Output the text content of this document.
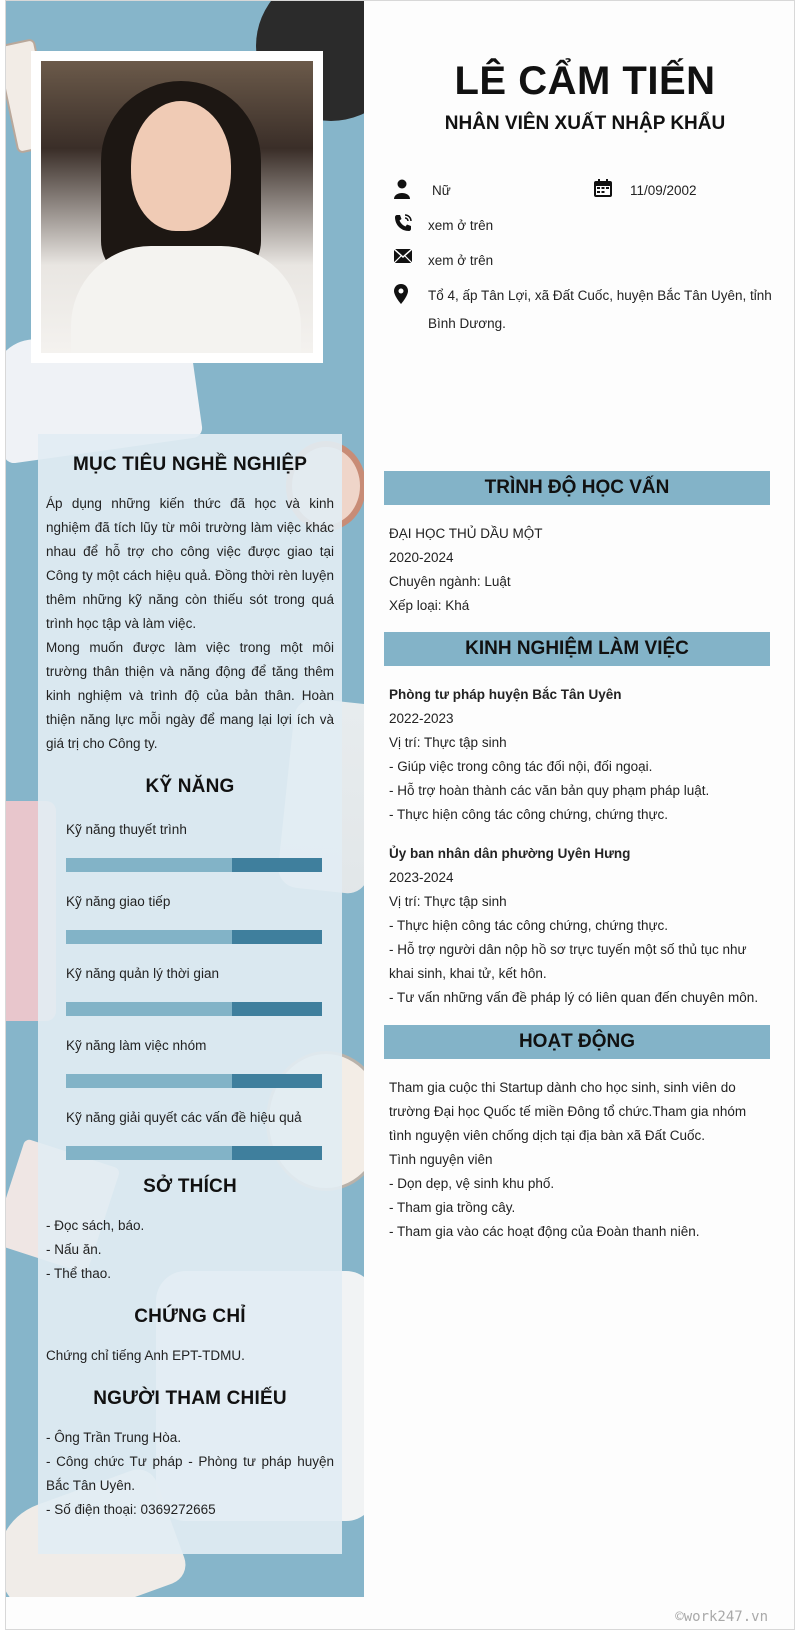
MỤC TIÊU NGHỀ NGHIỆP

Áp dụng những kiến thức đã học và kinh nghiệm đã tích lũy từ môi trường làm việc khác nhau để hỗ trợ cho công việc được giao tại Công ty một cách hiệu quả. Đồng thời rèn luyện thêm những kỹ năng còn thiếu sót trong quá trình học tập và làm việc.

Mong muốn được làm việc trong một môi trường thân thiện và năng động để tăng thêm kinh nghiệm và trình độ của bản thân. Hoàn thiện năng lực mỗi ngày để mang lại lợi ích và giá trị cho Công ty.

KỸ NĂNG
Kỹ năng thuyết trình
Kỹ năng giao tiếp
Kỹ năng quản lý thời gian
Kỹ năng làm việc nhóm
Kỹ năng giải quyết các vấn đề hiệu quả
SỞ THÍCH
- Đọc sách, báo.
- Nấu ăn.
- Thể thao.
CHỨNG CHỈ
Chứng chỉ tiếng Anh EPT-TDMU.
NGƯỜI THAM CHIẾU
- Ông Trần Trung Hòa.
- Công chức Tư pháp - Phòng tư pháp huyện Bắc Tân Uyên.
- Số điện thoại: 0369272665
LÊ CẨM TIẾN
NHÂN VIÊN XUẤT NHẬP KHẨU
Nữ	11/09/2002
xem ở trên
xem ở trên
Tổ 4, ấp Tân Lợi, xã Đất Cuốc, huyện Bắc Tân Uyên, tỉnh Bình Dương.
TRÌNH ĐỘ HỌC VẤN
ĐẠI HỌC THỦ DẦU MỘT
2020-2024
Chuyên ngành: Luật
Xếp loại: Khá
KINH NGHIỆM LÀM VIỆC
Phòng tư pháp huyện Bắc Tân Uyên
2022-2023
Vị trí: Thực tập sinh
- Giúp việc trong công tác đối nội, đối ngoại.
- Hỗ trợ hoàn thành các văn bản quy phạm pháp luật.
- Thực hiện công tác công chứng, chứng thực.
Ủy ban nhân dân phường Uyên Hưng
2023-2024
Vị trí: Thực tập sinh
- Thực hiện công tác công chứng, chứng thực.
- Hỗ trợ người dân nộp hồ sơ trực tuyến một số thủ tục như khai sinh, khai tử, kết hôn.
- Tư vấn những vấn đề pháp lý có liên quan đến chuyên môn.
HOẠT ĐỘNG
Tham gia cuộc thi Startup dành cho học sinh, sinh viên do trường Đại học Quốc tế miền Đông tổ chức.Tham gia nhóm tình nguyện viên chống dịch tại địa bàn xã Đất Cuốc.
Tình nguyện viên
- Dọn dẹp, vệ sinh khu phố.
- Tham gia trồng cây.
- Tham gia vào các hoạt động của Đoàn thanh niên.
©work247.vn
